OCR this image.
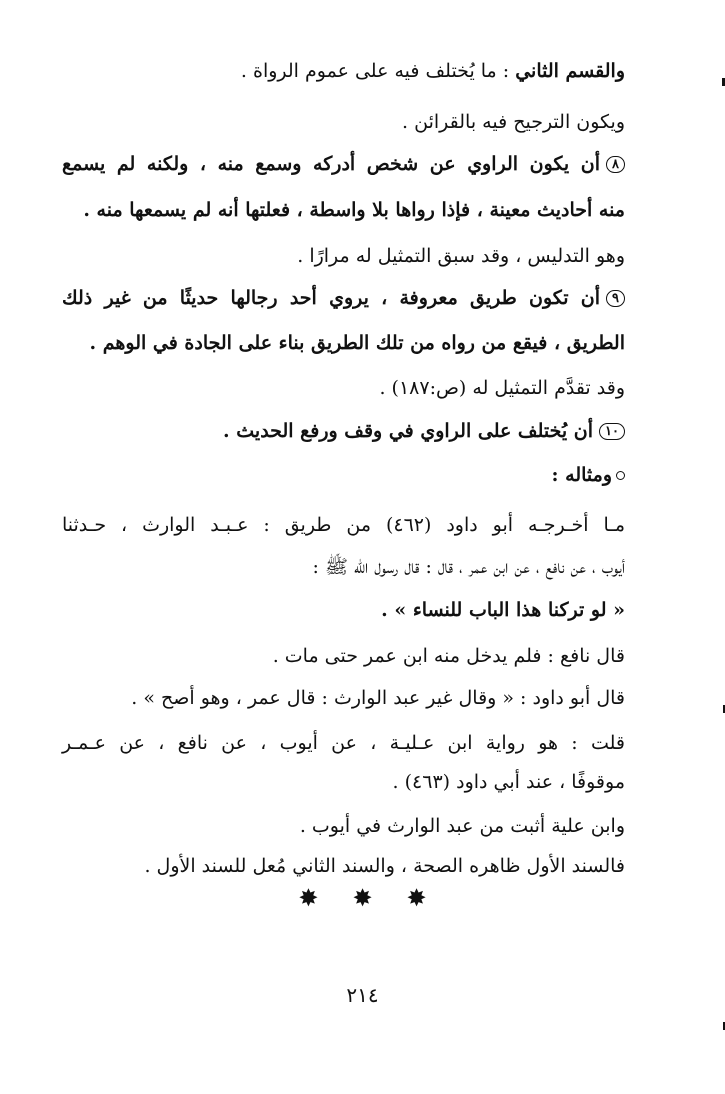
والقسم الثاني : ما يُختلف فيه على عموم الرواة .
ويكون الترجيح فيه بالقرائن .
٨أن يكون الراوي عن شخص أدركه وسمع منه ، ولكنه لم يسمع
منه أحاديث معينة ، فإذا رواها بلا واسطة ، فعلتها أنه لم يسمعها منه .
وهو التدليس ، وقد سبق التمثيل له مرارًا .
٩أن تكون طريق معروفة ، يروي أحد رجالها حديثًا من غير ذلك
الطريق ، فيقع من رواه من تلك الطريق بناء على الجادة في الوهم .
وقد تقدَّم التمثيل له (ص:١٨٧) .
١٠أن يُختلف على الراوي في وقف ورفع الحديث .
ومثاله :
مـا أخـرجـه أبو داود (٤٦٢) من طريق : عـبـد الوارث ، حـدثنا
أيوب ، عن نافع ، عن ابن عمر ، قال : قال رسول الله ﷺ :
« لو تركنا هذا الباب للنساء » .
قال نافع : فلم يدخل منه ابن عمر حتى مات .
قال أبو داود : « وقال غير عبد الوارث : قال عمر ، وهو أصح » .
قلت : هو رواية ابن عـليـة ، عن أيوب ، عن نافع ، عن عـمـر
موقوفًا ، عند أبي داود (٤٦٣) .
وابن علية أثبت من عبد الوارث في أيوب .
فالسند الأول ظاهره الصحة ، والسند الثاني مُعل للسند الأول .
✸ ✸ ✸
٢١٤
